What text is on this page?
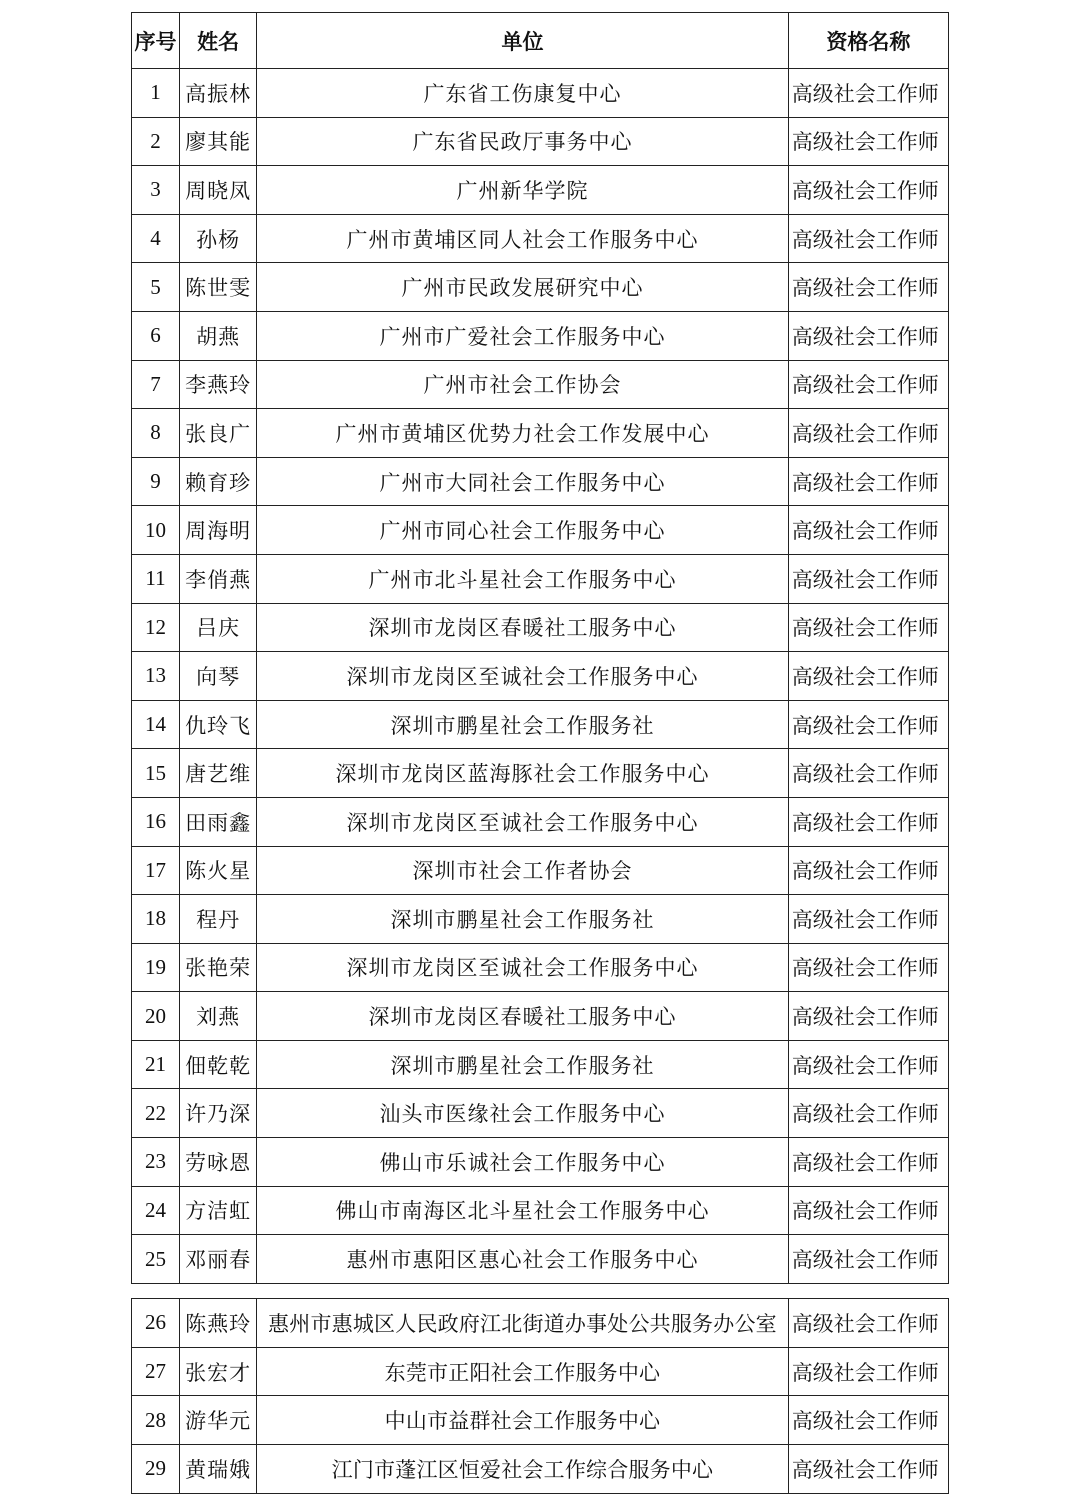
序号	姓名	单位	资格名称
1	高振林	广东省工伤康复中心	高级社会工作师
2	廖其能	广东省民政厅事务中心	高级社会工作师
3	周晓凤	广州新华学院	高级社会工作师
4	孙杨	广州市黄埔区同人社会工作服务中心	高级社会工作师
5	陈世雯	广州市民政发展研究中心	高级社会工作师
6	胡燕	广州市广爱社会工作服务中心	高级社会工作师
7	李燕玲	广州市社会工作协会	高级社会工作师
8	张良广	广州市黄埔区优势力社会工作发展中心	高级社会工作师
9	赖育珍	广州市大同社会工作服务中心	高级社会工作师
10	周海明	广州市同心社会工作服务中心	高级社会工作师
11	李俏燕	广州市北斗星社会工作服务中心	高级社会工作师
12	吕庆	深圳市龙岗区春暖社工服务中心	高级社会工作师
13	向琴	深圳市龙岗区至诚社会工作服务中心	高级社会工作师
14	仇玲飞	深圳市鹏星社会工作服务社	高级社会工作师
15	唐艺维	深圳市龙岗区蓝海豚社会工作服务中心	高级社会工作师
16	田雨鑫	深圳市龙岗区至诚社会工作服务中心	高级社会工作师
17	陈火星	深圳市社会工作者协会	高级社会工作师
18	程丹	深圳市鹏星社会工作服务社	高级社会工作师
19	张艳荣	深圳市龙岗区至诚社会工作服务中心	高级社会工作师
20	刘燕	深圳市龙岗区春暖社工服务中心	高级社会工作师
21	佃乾乾	深圳市鹏星社会工作服务社	高级社会工作师
22	许乃深	汕头市医缘社会工作服务中心	高级社会工作师
23	劳咏恩	佛山市乐诚社会工作服务中心	高级社会工作师
24	方洁虹	佛山市南海区北斗星社会工作服务中心	高级社会工作师
25	邓丽春	惠州市惠阳区惠心社会工作服务中心	高级社会工作师
26	陈燕玲	惠州市惠城区人民政府江北街道办事处公共服务办公室	高级社会工作师
27	张宏才	东莞市正阳社会工作服务中心	高级社会工作师
28	游华元	中山市益群社会工作服务中心	高级社会工作师
29	黄瑞娥	江门市蓬江区恒爱社会工作综合服务中心	高级社会工作师
